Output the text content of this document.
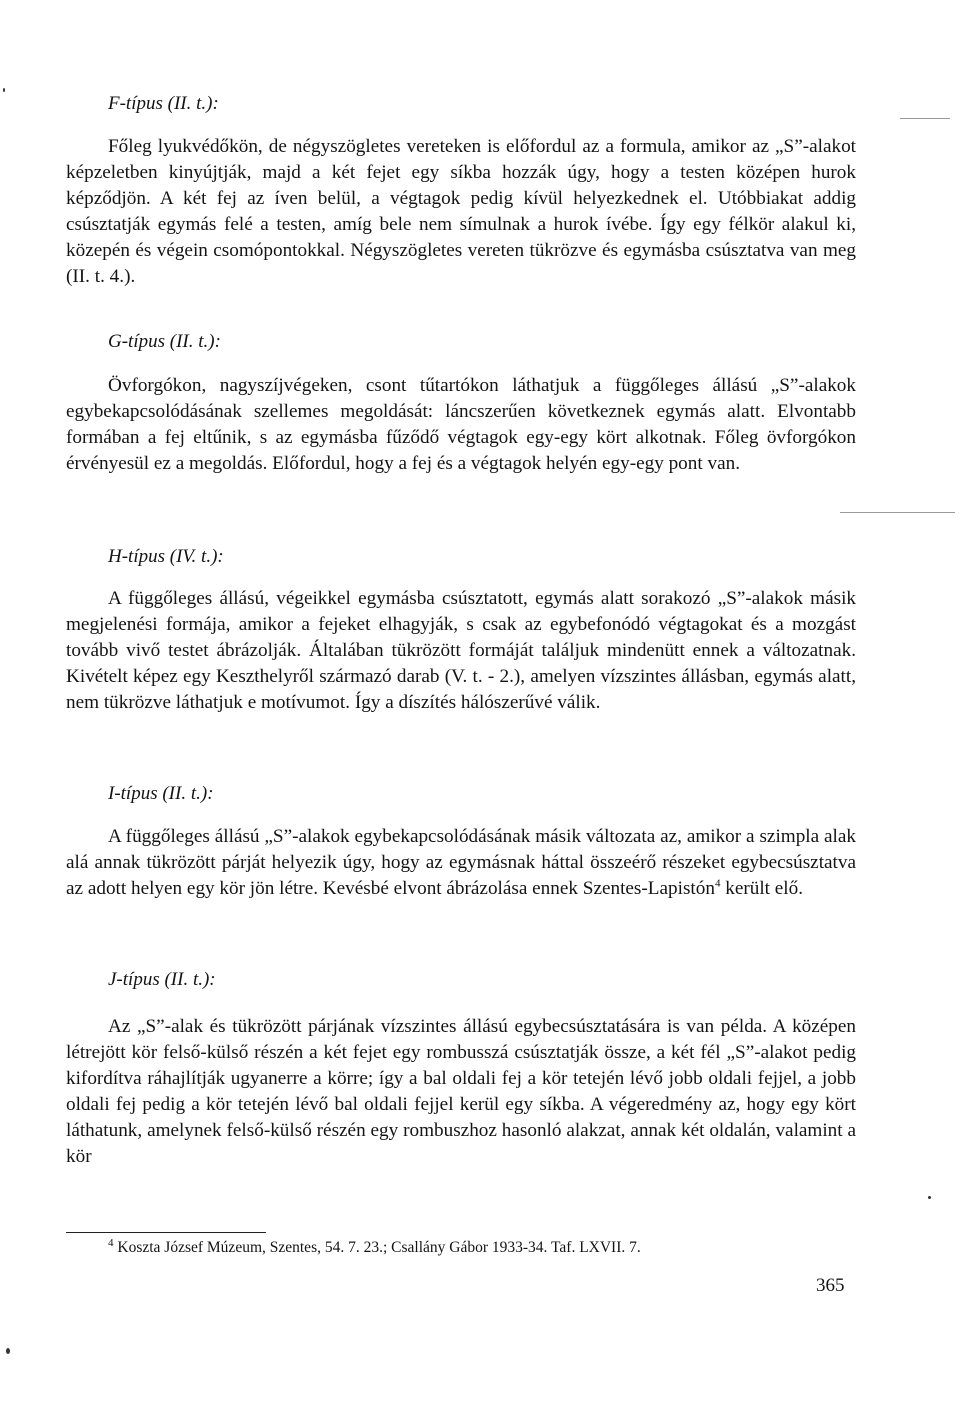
F-típus (II. t.):

Főleg lyukvédőkön, de négyszögletes vereteken is előfordul az a formula, amikor az „S”-alakot képzeletben kinyújtják, majd a két fejet egy síkba hozzák úgy, hogy a testen középen hurok képződjön. A két fej az íven belül, a végtagok pedig kívül helyezkednek el. Utóbbiakat addig csúsztatják egymás felé a testen, amíg bele nem símulnak a hurok ívébe. Így egy félkör alakul ki, közepén és végein csomópontokkal. Négyszögletes vereten tükrözve és egymásba csúsztatva van meg (II. t. 4.).

G-típus (II. t.):

Övforgókon, nagyszíjvégeken, csont tűtartókon láthatjuk a függőleges állású „S”-alakok egybekapcsolódásának szellemes megoldását: láncszerűen következnek egymás alatt. Elvontabb formában a fej eltűnik, s az egymásba fűződő végtagok egy-egy kört alkotnak. Főleg övforgókon érvényesül ez a megoldás. Előfordul, hogy a fej és a végtagok helyén egy-egy pont van.

H-típus (IV. t.):

A függőleges állású, végeikkel egymásba csúsztatott, egymás alatt sorakozó „S”-alakok másik megjelenési formája, amikor a fejeket elhagyják, s csak az egybefonódó végtagokat és a mozgást tovább vivő testet ábrázolják. Általában tükrözött formáját találjuk mindenütt ennek a változatnak. Kivételt képez egy Keszthelyről származó darab (V. t. - 2.), amelyen vízszintes állásban, egymás alatt, nem tükrözve láthatjuk e motívumot. Így a díszítés hálószerűvé válik.

I-típus (II. t.):

A függőleges állású „S”-alakok egybekapcsolódásának másik változata az, amikor a szimpla alak alá annak tükrözött párját helyezik úgy, hogy az egymásnak háttal összeérő részeket egybecsúsztatva az adott helyen egy kör jön létre. Kevésbé elvont ábrázolása ennek Szentes-Lapistón$^4$ került elő.

J-típus (II. t.):

Az „S”-alak és tükrözött párjának vízszintes állású egybecsúsztatására is van példa. A középen létrejött kör felső-külső részén a két fejet egy rombusszá csúsztatják össze, a két fél „S”-alakot pedig kifordítva ráhajlítják ugyanerre a körre; így a bal oldali fej a kör tetején lévő jobb oldali fejjel, a jobb oldali fej pedig a kör tetején lévő bal oldali fejjel kerül egy síkba. A végeredmény az, hogy egy kört láthatunk, amelynek felső-külső részén egy rombuszhoz hasonló alakzat, annak két oldalán, valamint a kör

$^4$ Koszta József Múzeum, Szentes, 54. 7. 23.; Csallány Gábor 1933-34. Taf. LXVII. 7.

365
